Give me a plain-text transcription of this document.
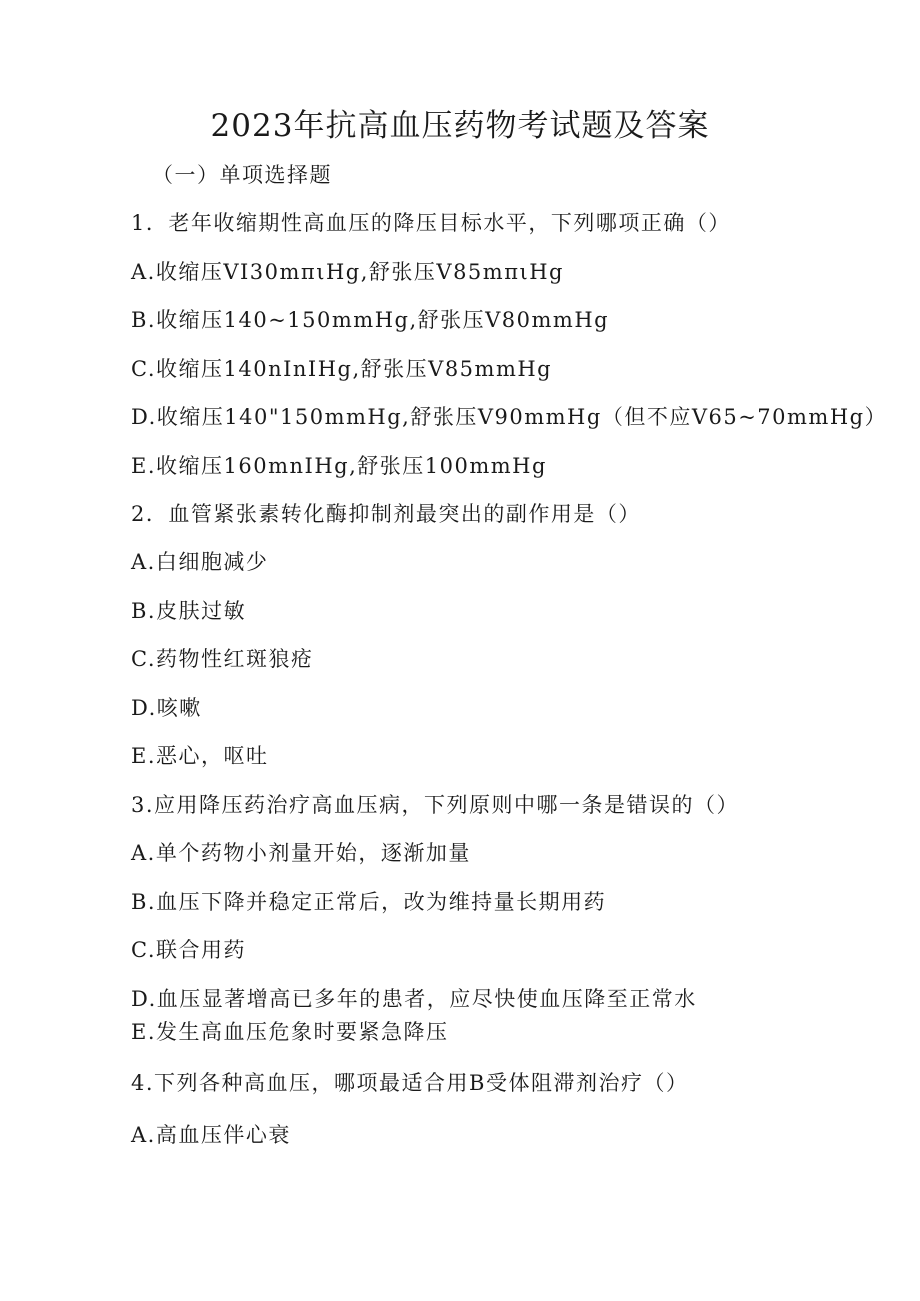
2023年抗高血压药物考试题及答案
（一）单项选择题
1．老年收缩期性高血压的降压目标水平，下列哪项正确（）
A.收缩压VI30mπιHg,舒张压V85mπιHg
B.收缩压140~150mmHg,舒张压V80mmHg
C.收缩压140nInIHg,舒张压V85mmHg
D.收缩压140"150mmHg,舒张压V90mmHg（但不应V65~70mmHg）
E.收缩压160mnIHg,舒张压100mmHg
2．血管紧张素转化酶抑制剂最突出的副作用是（）
A.白细胞减少
B.皮肤过敏
C.药物性红斑狼疮
D.咳嗽
E.恶心，呕吐
3.应用降压药治疗高血压病，下列原则中哪一条是错误的（）
A.单个药物小剂量开始，逐渐加量
B.血压下降并稳定正常后，改为维持量长期用药
C.联合用药
D.血压显著增高已多年的患者，应尽快使血压降至正常水
E.发生高血压危象时要紧急降压
4.下列各种高血压，哪项最适合用B受体阻滞剂治疗（）
A.高血压伴心衰
